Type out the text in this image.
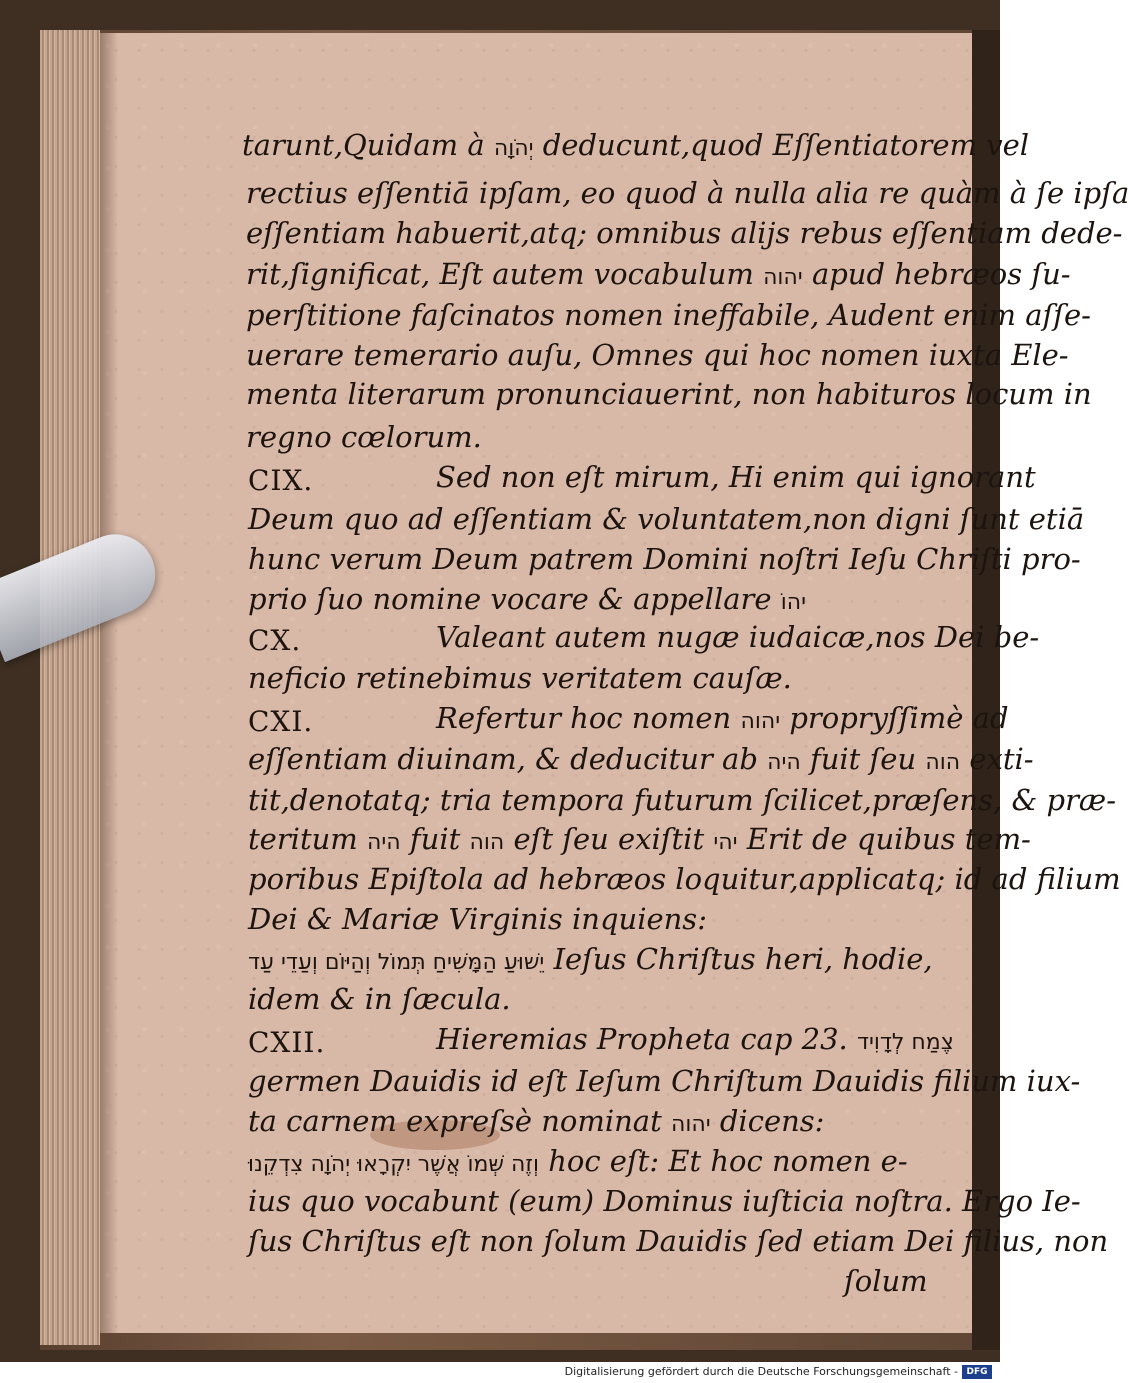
tarunt,Quidam à יְהֹוָה deducunt,quod Eſſentiatorem vel
rectius eſſentiā ipſam, eo quod à nulla alia re quàm à ſe ipſa
eſſentiam habuerit,atq; omnibus alijs rebus eſſentiam dede-
rit,ſignificat, Eſt autem vocabulum יהוה apud hebræos ſu-
perſtitione faſcinatos nomen ineffabile, Audent enim aſſe-
uerare temerario auſu, Omnes qui hoc nomen iuxta Ele-
menta literarum pronunciauerint, non habituros locum in
regno cœlorum.
CIX.	Sed non eſt mirum, Hi enim qui ignorant
Deum quo ad eſſentiam & voluntatem,non digni ſunt etiā
hunc verum Deum patrem Domini noſtri Ieſu Chriſti pro-
prio ſuo nomine vocare & appellare יהוֹ
CX.	Valeant autem nugæ iudaicæ,nos Dei be-
neficio retinebimus veritatem cauſæ.
CXI.	Refertur hoc nomen יהוה propryſſimè ad
eſſentiam diuinam, & deducitur ab היה fuit ſeu הוה exti-
tit,denotatq; tria tempora futurum ſcilicet,præſens, & præ-
teritum היה fuit הוה eſt ſeu exiſtit יהי Erit de quibus tem-
poribus Epiſtola ad hebræos loquitur,applicatq; id ad filium
Dei & Mariæ Virginis inquiens:
יֵשׁוּעַ הַמָּשִׁיחַ תְּמוֹל וְהַיּוֹם וְעַדֵי עַד Ieſus Chriſtus heri, hodie,
idem & in ſæcula.
CXII.	Hieremias Propheta cap 23. צֶמַח לְדָוִיד
germen Dauidis id eſt Ieſum Chriſtum Dauidis filium iux-
ta carnem expreſsè nominat יהוה dicens:
וְזֶה שְּׁמוֹ אֲשֶׁר יִקְרָאוּ יְהֹוָה צִדְקֵנוּ hoc eſt: Et hoc nomen e-
ius quo vocabunt (eum) Dominus iuſticia noſtra. Ergo Ie-
ſus Chriſtus eſt non ſolum Dauidis ſed etiam Dei filius, non
ſolum
Digitalisierung gefördert durch die Deutsche Forschungsgemeinschaft - DFG
